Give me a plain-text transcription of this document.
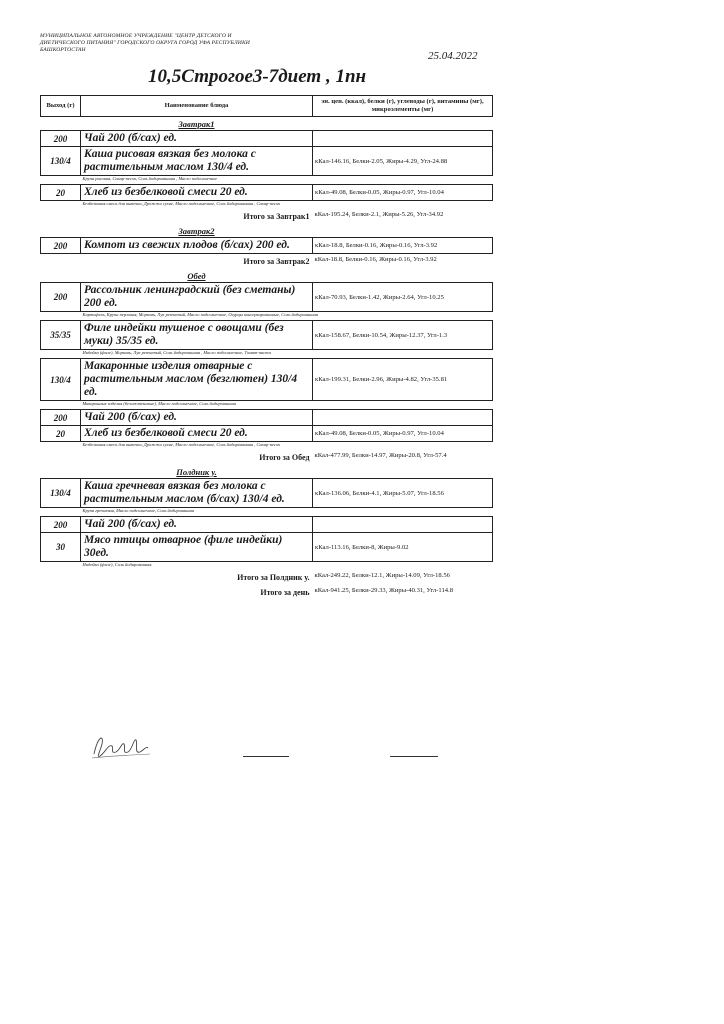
МУНИЦИПАЛЬНОЕ АВТОНОМНОЕ УЧРЕЖДЕНИЕ "ЦЕНТР ДЕТСКОГО И
ДИЕТИЧЕСКОГО ПИТАНИЯ" ГОРОДСКОГО ОКРУГА ГОРОД УФА РЕСПУБЛИКИ
БАШКОРТОСТАН	25.04.2022
10,5Строгое3-7диет , 1пн
Выход (г)	Наименование блюда	эн. цен. (ккал), белки (г), углеводы (г), витамины (мг), микроэлементы (мг)
	Завтрак1	
200	Чай 200 (б/сах) ед.	
130/4	Каша рисовая вязкая без молока с растительным маслом 130/4 ед.	кКал-146.16, Белки-2.05, Жиры-4.29, Угл-24.88
	Крупа рисовая, Сахар-песок, Соль йодированная , Масло подсолнечное	
20	Хлеб из безбелковой смеси 20 ед.	кКал-49.08, Белки-0.05, Жиры-0.97, Угл-10.04
	Безбелковая смесь для выпечки, Дрожжи сухие, Масло подсолнечное, Соль йодированная , Сахар-песок	
Итого за Завтрак1		кКал-195.24, Белки-2.1, Жиры-5.26, Угл-34.92
	Завтрак2	
200	Компот из свежих плодов (б/сах) 200 ед.	кКал-18.8, Белки-0.16, Жиры-0.16, Угл-3.92
Итого за Завтрак2		кКал-18.8, Белки-0.16, Жиры-0.16, Угл-3.92
	Обед	
200	Рассольник ленинградский (без сметаны) 200 ед.	кКал-70.93, Белки-1.42, Жиры-2.64, Угл-10.25
	Картофель, Крупа перловая, Морковь, Лук репчатый, Масло подсолнечное, Огурцы консервированные, Соль йодированная	
35/35	Филе индейки тушеное с овощами (без муки) 35/35 ед.	кКал-158.67, Белки-10.54, Жиры-12.37, Угл-1.3
	Индейка (филе), Морковь, Лук репчатый, Соль йодированная , Масло подсолнечное, Томат-паста	
130/4	Макаронные изделия отварные с растительным маслом (безглютен) 130/4 ед.	кКал-199.31, Белки-2.96, Жиры-4.82, Угл-35.81
	Макаронные изделия (безглютеновые), Масло подсолнечное, Соль йодированная	
200	Чай 200 (б/сах) ед.	
20	Хлеб из безбелковой смеси 20 ед.	кКал-49.08, Белки-0.05, Жиры-0.97, Угл-10.04
	Безбелковая смесь для выпечки, Дрожжи сухие, Масло подсолнечное, Соль йодированная , Сахар-песок	
Итого за Обед		кКал-477.99, Белки-14.97, Жиры-20.8, Угл-57.4
	Полдник у.	
130/4	Каша гречневая вязкая без молока с растительным маслом (б/сах) 130/4 ед.	кКал-136.06, Белки-4.1, Жиры-5.07, Угл-18.56
	Крупа гречневая, Масло подсолнечное, Соль йодированная	
200	Чай 200 (б/сах) ед.	
30	Мясо птицы отварное (филе индейки) 30ед.	кКал-113.16, Белки-8, Жиры-9.02
	Индейка (филе), Соль йодированная	
Итого за Полдник у.		кКал-249.22, Белки-12.1, Жиры-14.09, Угл-18.56
Итого за день		кКал-941.25, Белки-29.33, Жиры-40.31, Угл-114.8
